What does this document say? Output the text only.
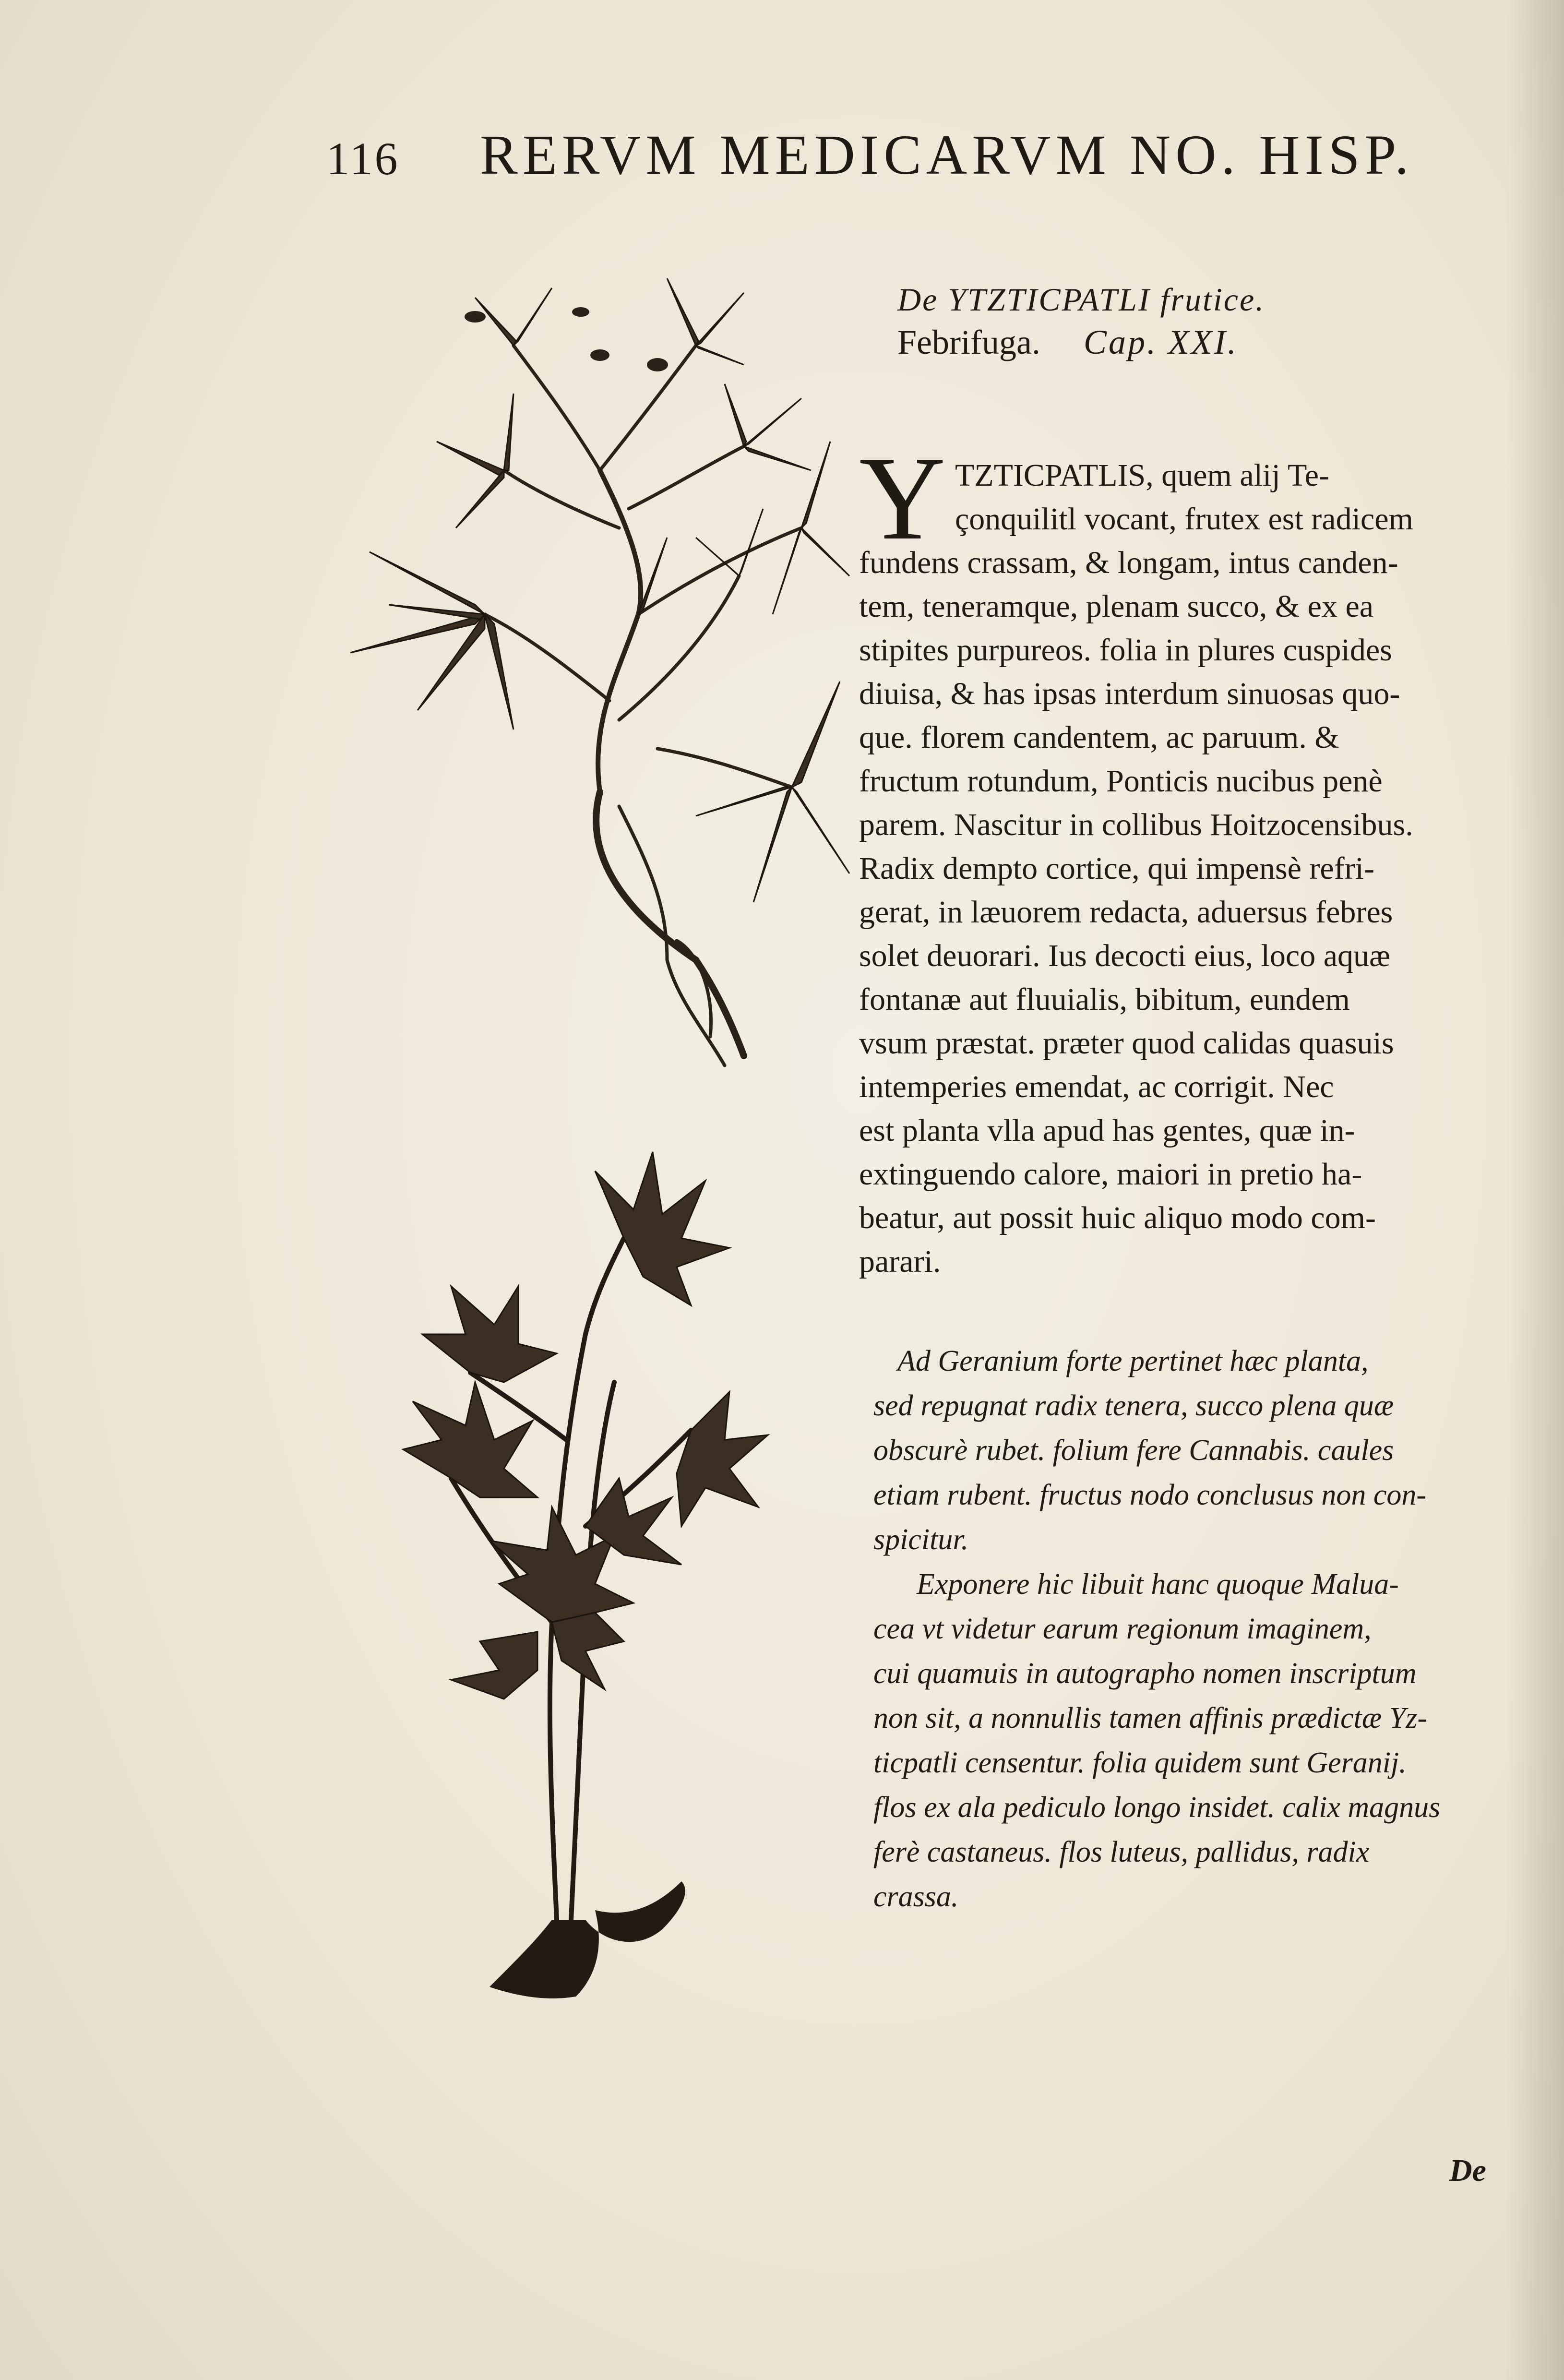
116 RERVM MEDICARVM NO. HISP.
De YTZTICPATLI frutice.
Febrifuga. Cap. XXI.
Y TZTICPATLIS, quem alij Te-
çonquilitl vocant, frutex est radicem
fundens crassam, & longam, intus canden-
tem, teneramque, plenam succo, & ex ea
stipites purpureos. folia in plures cuspides
diuisa, & has ipsas interdum sinuosas quo-
que. florem candentem, ac paruum. &
fructum rotundum, Ponticis nucibus penè
parem. Nascitur in collibus Hoitzocensibus.
Radix dempto cortice, qui impensè refri-
gerat, in læuorem redacta, aduersus febres
solet deuorari. Ius decocti eius, loco aquæ
fontanæ aut fluuialis, bibitum, eundem
vsum præstat. præter quod calidas quasuis
intemperies emendat, ac corrigit. Nec
est planta vlla apud has gentes, quæ in-
extinguendo calore, maiori in pretio ha-
beatur, aut possit huic aliquo modo com-
parari.
Ad Geranium forte pertinet hæc planta,
sed repugnat radix tenera, succo plena quæ
obscurè rubet. folium fere Cannabis. caules
etiam rubent. fructus nodo conclusus non con-
spicitur.
Exponere hic libuit hanc quoque Malua-
cea vt videtur earum regionum imaginem,
cui quamuis in autographo nomen inscriptum
non sit, a nonnullis tamen affinis prædictæ Yz-
ticpatli censentur. folia quidem sunt Geranij.
flos ex ala pediculo longo insidet. calix magnus
ferè castaneus. flos luteus, pallidus, radix
crassa.
De
